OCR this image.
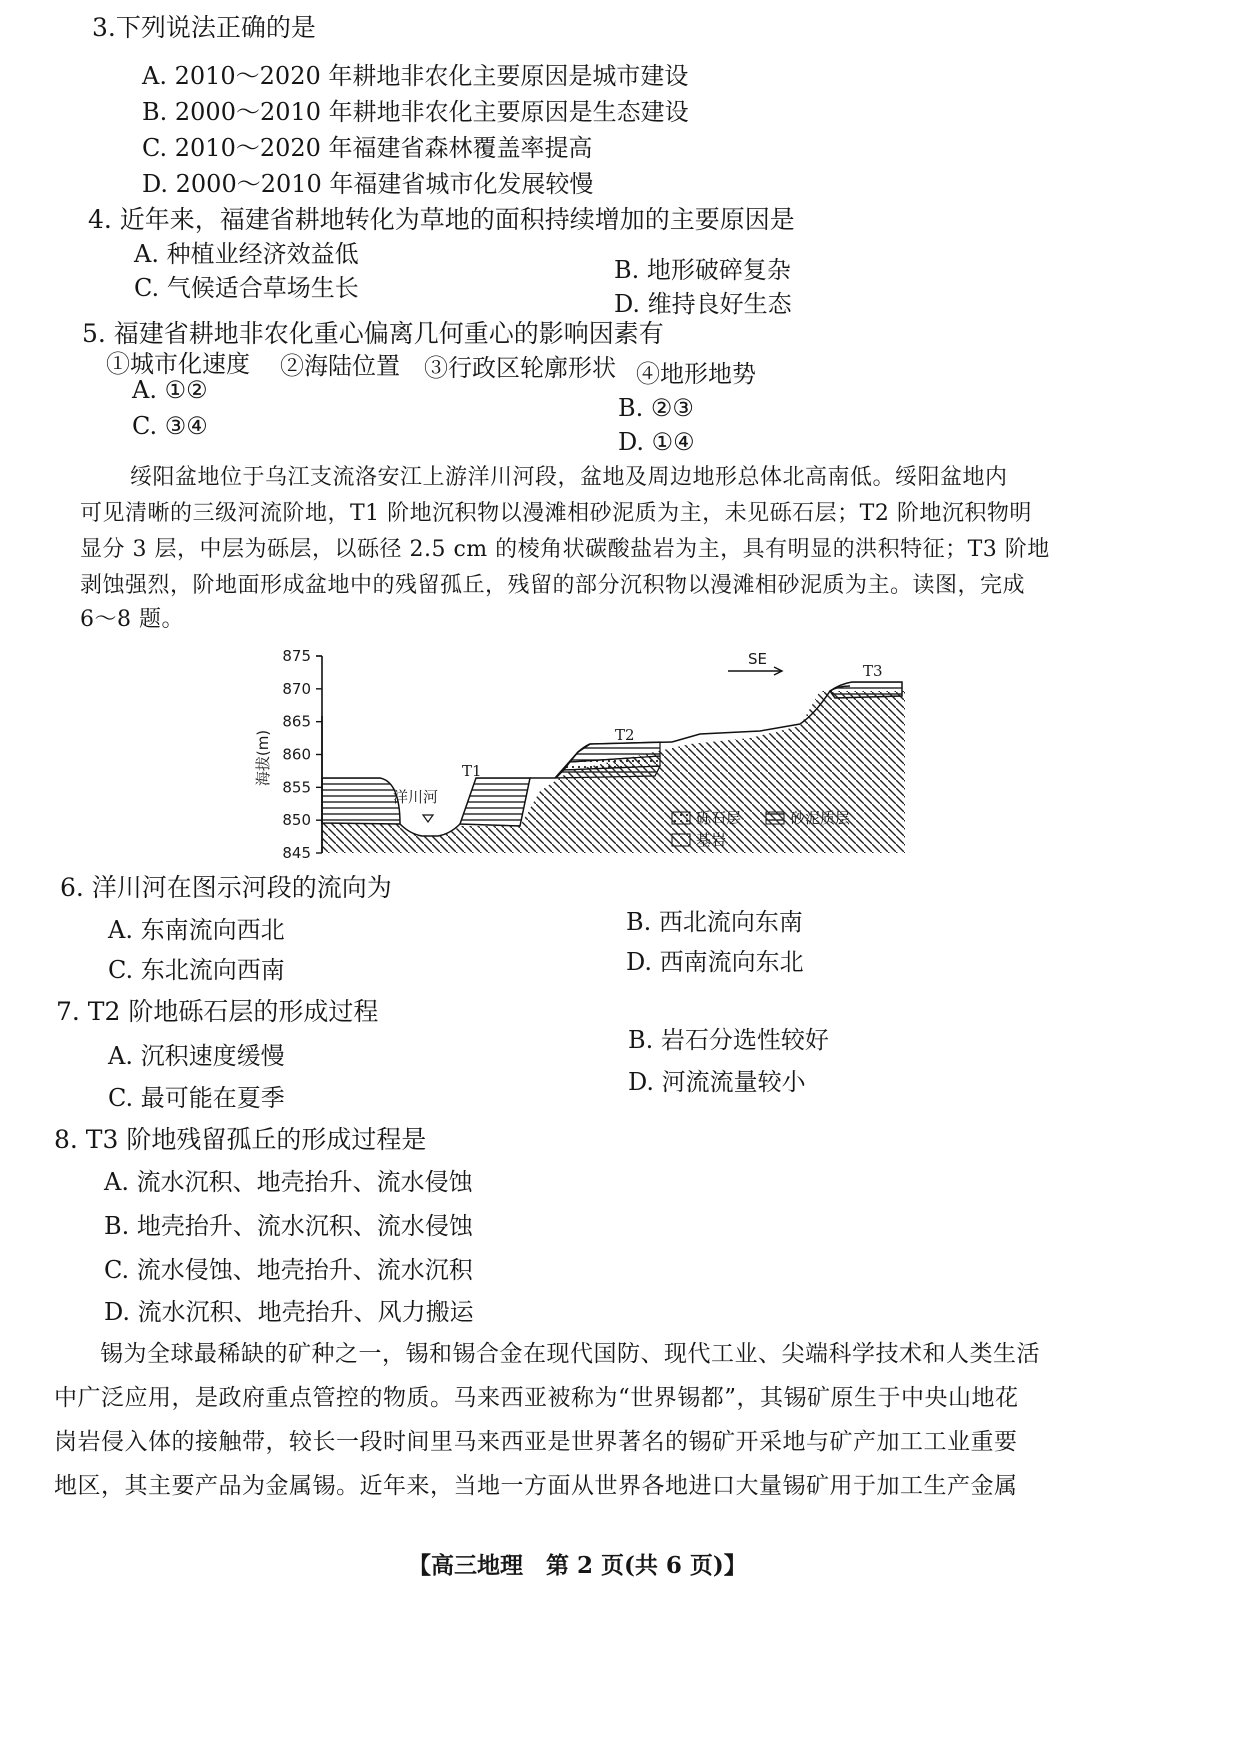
3.下列说法正确的是
A. 2010～2020 年耕地非农化主要原因是城市建设
B. 2000～2010 年耕地非农化主要原因是生态建设
C. 2010～2020 年福建省森林覆盖率提高
D. 2000～2010 年福建省城市化发展较慢
4. 近年来，福建省耕地转化为草地的面积持续增加的主要原因是
A. 种植业经济效益低
B. 地形破碎复杂
C. 气候适合草场生长
D. 维持良好生态
5. 福建省耕地非农化重心偏离几何重心的影响因素有
①城市化速度 ②海陆位置 ③行政区轮廓形状 ④地形地势
A. ①②
B. ②③
C. ③④
D. ①④
绥阳盆地位于乌江支流洛安江上游洋川河段，盆地及周边地形总体北高南低。绥阳盆地内
可见清晰的三级河流阶地，T1 阶地沉积物以漫滩相砂泥质为主，未见砾石层；T2 阶地沉积物明
显分 3 层，中层为砾层，以砾径 2.5 cm 的棱角状碳酸盐岩为主，具有明显的洪积特征；T3 阶地
剥蚀强烈，阶地面形成盆地中的残留孤丘，残留的部分沉积物以漫滩相砂泥质为主。读图，完成
6～8 题。
洋川河
T1
T2
T3
SE
砾石层	砂泥质层
基岩
875
870
865
860
855
850
845
海拔(m)
6. 洋川河在图示河段的流向为
A. 东南流向西北	B. 西北流向东南
C. 东北流向西南	D. 西南流向东北
7. T2 阶地砾石层的形成过程
A. 沉积速度缓慢
B. 岩石分选性较好
C. 最可能在夏季
D. 河流流量较小
8. T3 阶地残留孤丘的形成过程是
A. 流水沉积、地壳抬升、流水侵蚀
B. 地壳抬升、流水沉积、流水侵蚀
C. 流水侵蚀、地壳抬升、流水沉积
D. 流水沉积、地壳抬升、风力搬运
锡为全球最稀缺的矿种之一，锡和锡合金在现代国防、现代工业、尖端科学技术和人类生活
中广泛应用，是政府重点管控的物质。马来西亚被称为“世界锡都”，其锡矿原生于中央山地花
岗岩侵入体的接触带，较长一段时间里马来西亚是世界著名的锡矿开采地与矿产加工工业重要
地区，其主要产品为金属锡。近年来，当地一方面从世界各地进口大量锡矿用于加工生产金属
【高三地理　第 2 页(共 6 页)】
